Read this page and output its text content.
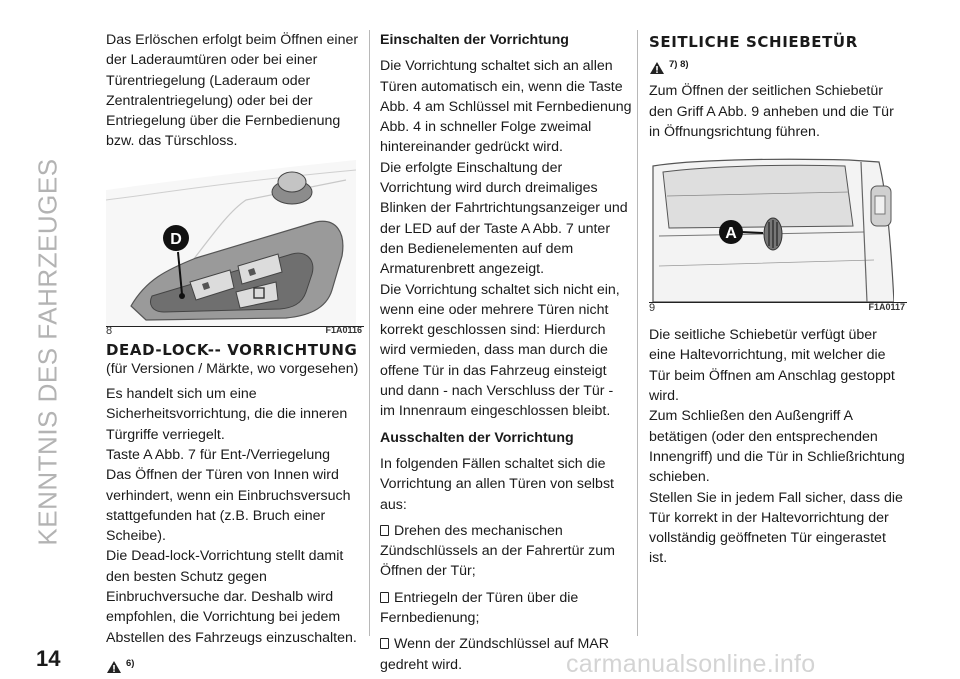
KENNTNIS DES FAHRZEUGES

Das Erlöschen erfolgt beim Öffnen einer der Laderaumtüren oder bei einer Türentriegelung (Laderaum oder Zentralentriegelung) oder bei der Entriegelung über die Fernbedienung bzw. das Türschloss.

D
8	F1A0116

DEAD-LOCK-- VORRICHTUNG

(für Versionen / Märkte, wo vorgesehen)

Es handelt sich um eine Sicherheitsvorrichtung, die die inneren Türgriffe verriegelt.

Taste A Abb. 7 für Ent-/Verriegelung

Das Öffnen der Türen von Innen wird verhindert, wenn ein Einbruchsversuch stattgefunden hat (z.B. Bruch einer Scheibe).

Die Dead-lock-Vorrichtung stellt damit den besten Schutz gegen Einbruchversuche dar. Deshalb wird empfohlen, die Vorrichtung bei jedem Abstellen des Fahrzeugs einzuschalten.

6)

Einschalten der Vorrichtung

Die Vorrichtung schaltet sich an allen Türen automatisch ein, wenn die Taste Abb. 4 am Schlüssel mit Fernbedienung Abb. 4 in schneller Folge zweimal hintereinander gedrückt wird.

Die erfolgte Einschaltung der Vorrichtung wird durch dreimaliges Blinken der Fahrtrichtungsanzeiger und der LED auf der Taste A Abb. 7 unter den Bedienelementen auf dem Armaturenbrett angezeigt.

Die Vorrichtung schaltet sich nicht ein, wenn eine oder mehrere Türen nicht korrekt geschlossen sind: Hierdurch wird vermieden, dass man durch die offene Tür in das Fahrzeug einsteigt und dann - nach Verschluss der Tür - im Innenraum eingeschlossen bleibt.

Ausschalten der Vorrichtung

In folgenden Fällen schaltet sich die Vorrichtung an allen Türen von selbst aus:

Drehen des mechanischen Zündschlüssels an der Fahrertür zum Öffnen der Tür;

Entriegeln der Türen über die Fernbedienung;

Wenn der Zündschlüssel auf MAR gedreht wird.

SEITLICHE SCHIEBETÜR

7) 8)

Zum Öffnen der seitlichen Schiebetür den Griff A Abb. 9 anheben und die Tür in Öffnungsrichtung führen.

A
9	F1A0117

Die seitliche Schiebetür verfügt über eine Haltevorrichtung, mit welcher die Tür beim Öffnen am Anschlag gestoppt wird.

Zum Schließen den Außengriff A betätigen (oder den entsprechenden Innengriff) und die Tür in Schließrichtung schieben.

Stellen Sie in jedem Fall sicher, dass die Tür korrekt in der Haltevorrichtung der vollständig geöffneten Tür eingerastet ist.

14	carmanualsonline.info
